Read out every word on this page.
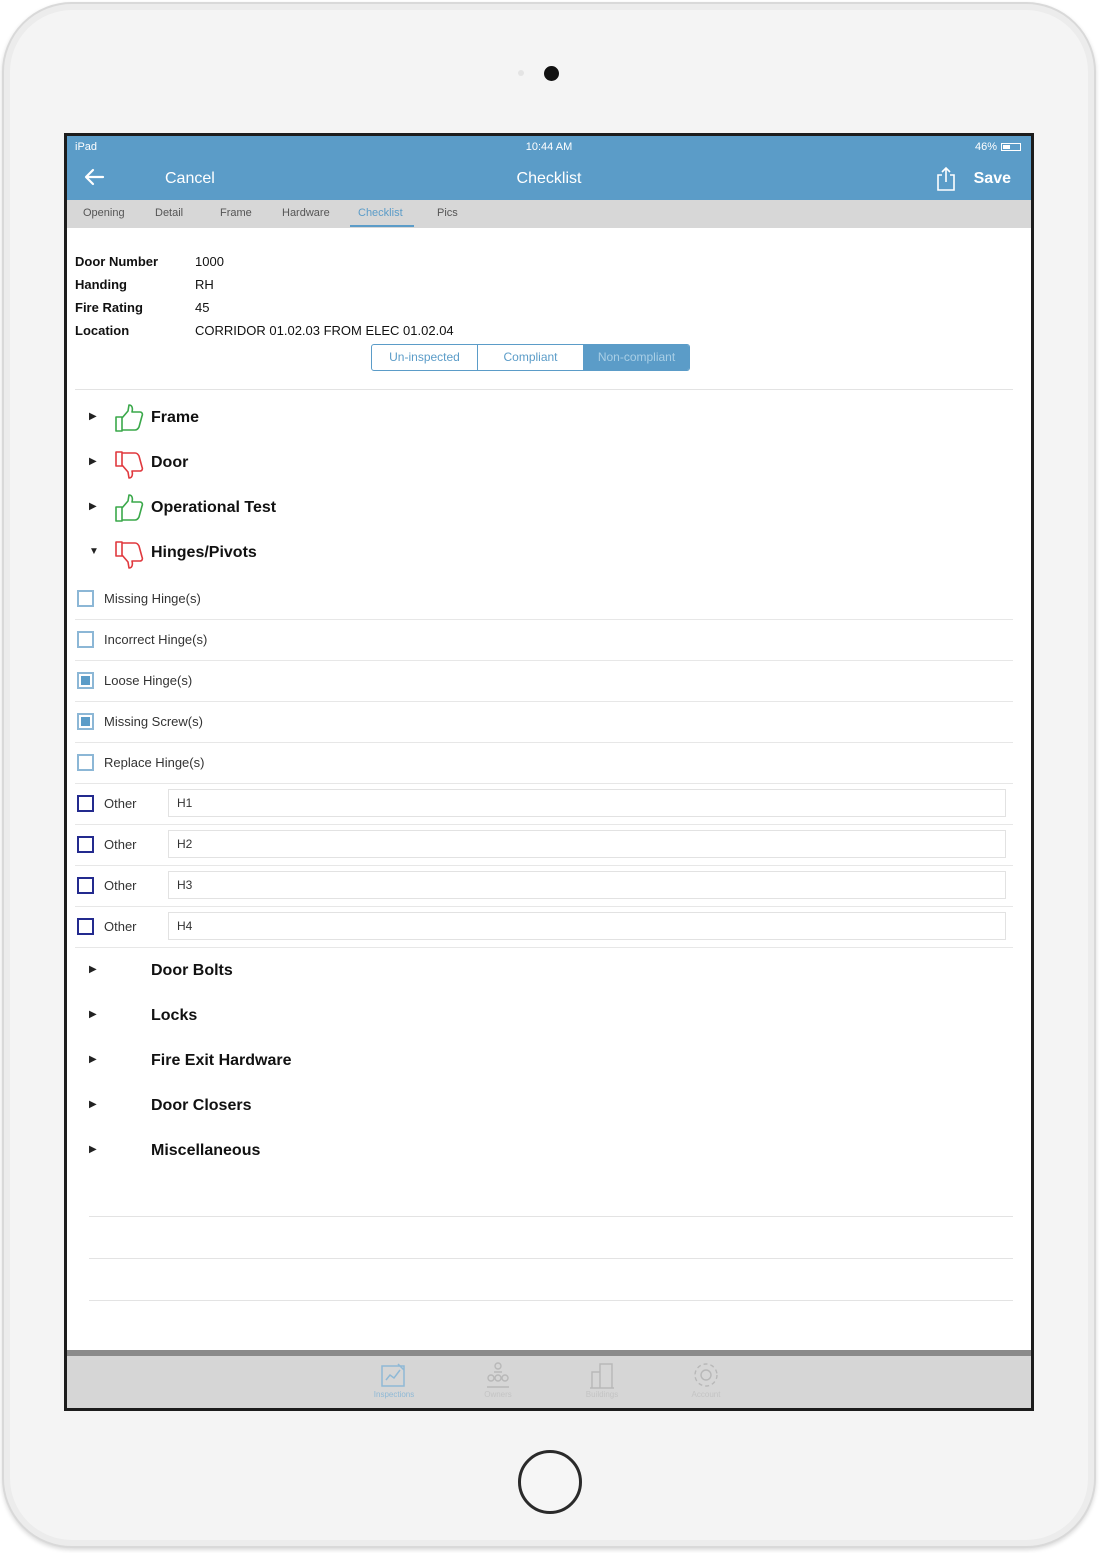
iPad	10:44 AM	46%
Cancel	Checklist	Save
Opening	Detail	Frame	Hardware	Checklist	Pics
Door Number	1000
Handing	RH
Fire Rating	45
Location	CORRIDOR 01.02.03 FROM ELEC 01.02.04
Un-inspected	Compliant	Non-compliant
▶	Frame
▶	Door
▶	Operational Test
▼	Hinges/Pivots
Missing Hinge(s)
Incorrect Hinge(s)
Loose Hinge(s)
Missing Screw(s)
Replace Hinge(s)
Other	H1
Other	H2
Other	H3
Other	H4
▶	Door Bolts
▶	Locks
▶	Fire Exit Hardware
▶	Door Closers
▶	Miscellaneous
Inspections	Owners	Buildings	Account
